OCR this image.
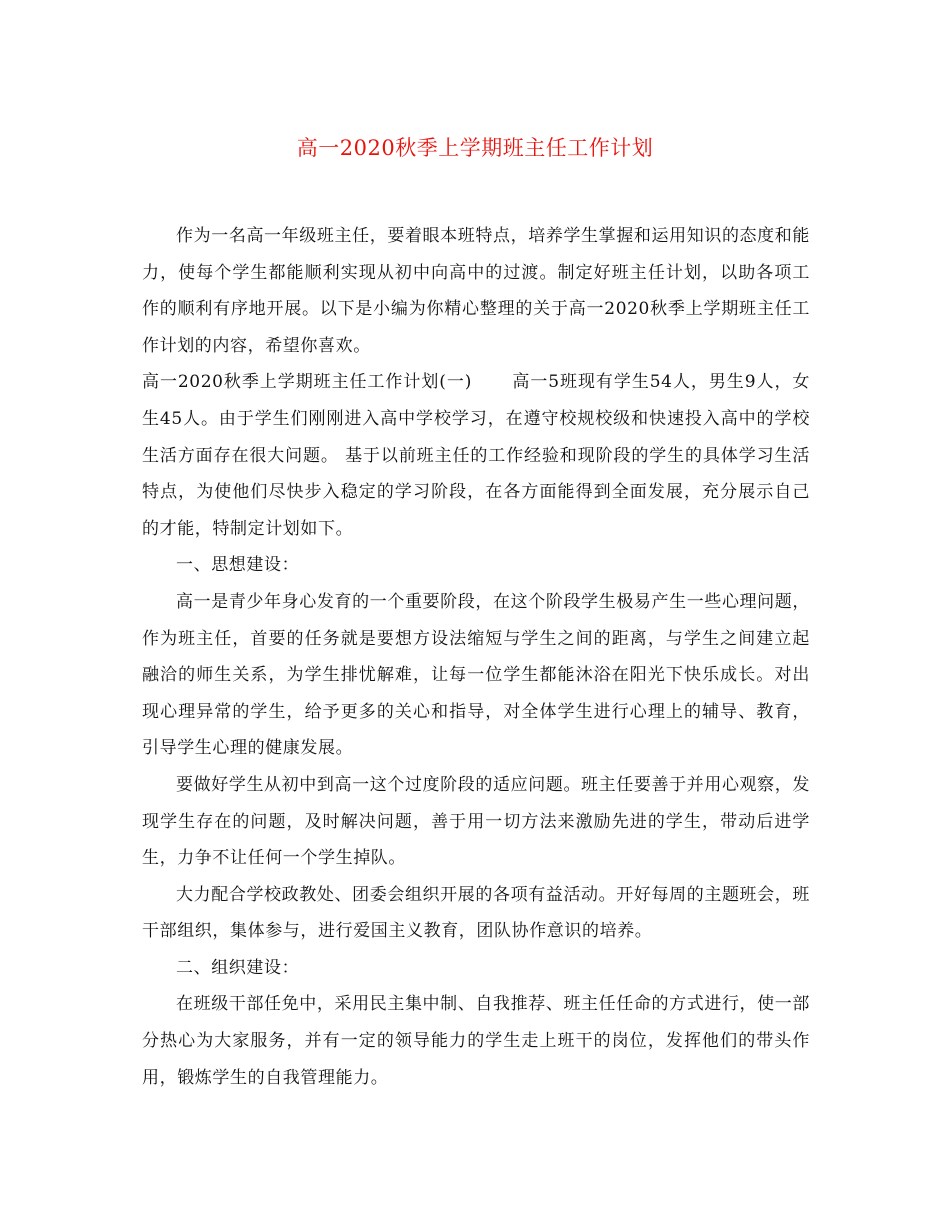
高一2020秋季上学期班主任工作计划

作为一名高一年级班主任，要着眼本班特点，培养学生掌握和运用知识的态度和能力，使每个学生都能顺利实现从初中向高中的过渡。制定好班主任计划，以助各项工作的顺利有序地开展。以下是小编为你精心整理的关于高一2020秋季上学期班主任工作计划的内容，希望你喜欢。

高一2020秋季上学期班主任工作计划(一) 高一5班现有学生54人，男生9人，女生45人。由于学生们刚刚进入高中学校学习，在遵守校规校级和快速投入高中的学校生活方面存在很大问题。 基于以前班主任的工作经验和现阶段的学生的具体学习生活特点，为使他们尽快步入稳定的学习阶段，在各方面能得到全面发展，充分展示自己的才能，特制定计划如下。

一、思想建设：

高一是青少年身心发育的一个重要阶段，在这个阶段学生极易产生一些心理问题，作为班主任，首要的任务就是要想方设法缩短与学生之间的距离，与学生之间建立起融洽的师生关系，为学生排忧解难，让每一位学生都能沐浴在阳光下快乐成长。对出现心理异常的学生，给予更多的关心和指导，对全体学生进行心理上的辅导、教育，引导学生心理的健康发展。

要做好学生从初中到高一这个过度阶段的适应问题。班主任要善于并用心观察，发现学生存在的问题，及时解决问题，善于用一切方法来激励先进的学生，带动后进学生，力争不让任何一个学生掉队。

大力配合学校政教处、团委会组织开展的各项有益活动。开好每周的主题班会，班干部组织，集体参与，进行爱国主义教育，团队协作意识的培养。

二、组织建设：

在班级干部任免中，采用民主集中制、自我推荐、班主任任命的方式进行，使一部分热心为大家服务，并有一定的领导能力的学生走上班干的岗位，发挥他们的带头作用，锻炼学生的自我管理能力。
